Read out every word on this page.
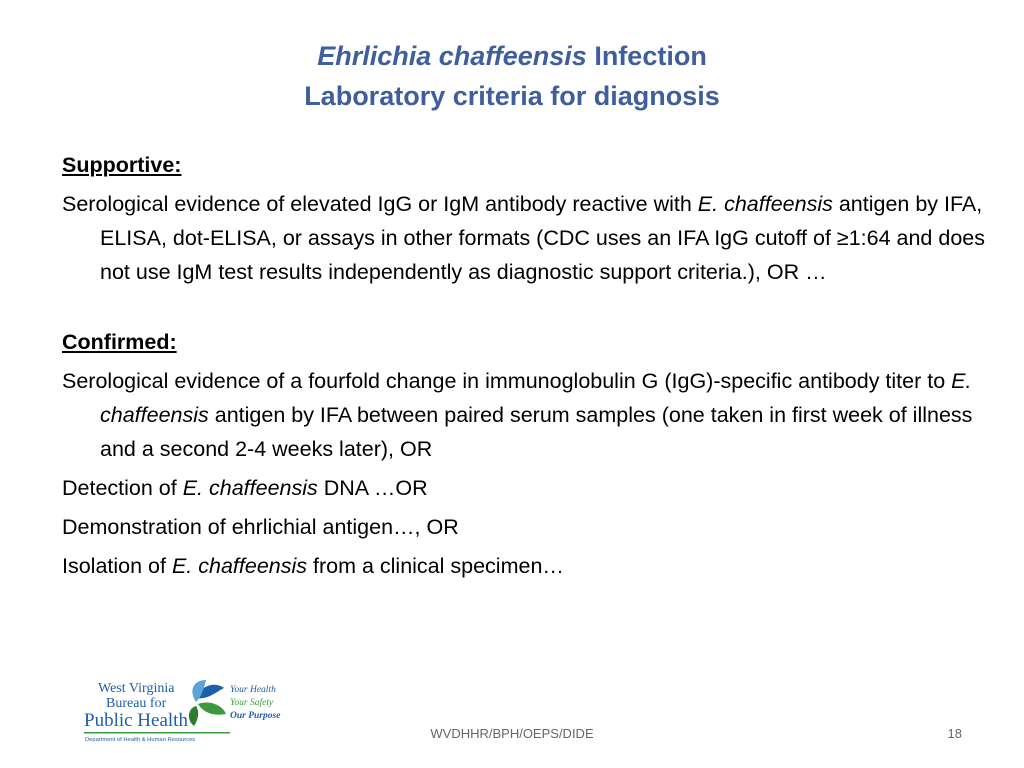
Ehrlichia chaffeensis Infection
Laboratory criteria for diagnosis

Supportive:

Serological evidence of elevated IgG or IgM antibody reactive with E. chaffeensis antigen by IFA, ELISA, dot-ELISA, or assays in other formats (CDC uses an IFA IgG cutoff of ≥1:64 and does not use IgM test results independently as diagnostic support criteria.), OR …

Confirmed:

Serological evidence of a fourfold change in immunoglobulin G (IgG)-specific antibody titer to E. chaffeensis antigen by IFA between paired serum samples (one taken in first week of illness and a second 2-4 weeks later), OR

Detection of E. chaffeensis DNA …OR

Demonstration of ehrlichial antigen…, OR

Isolation of E. chaffeensis from a clinical specimen…

West Virginia
Bureau for
Public Health
Department of Health & Human Resources
Your Health
Your Safety
Our Purpose
WVDHHR/BPH/OEPS/DIDE	18
